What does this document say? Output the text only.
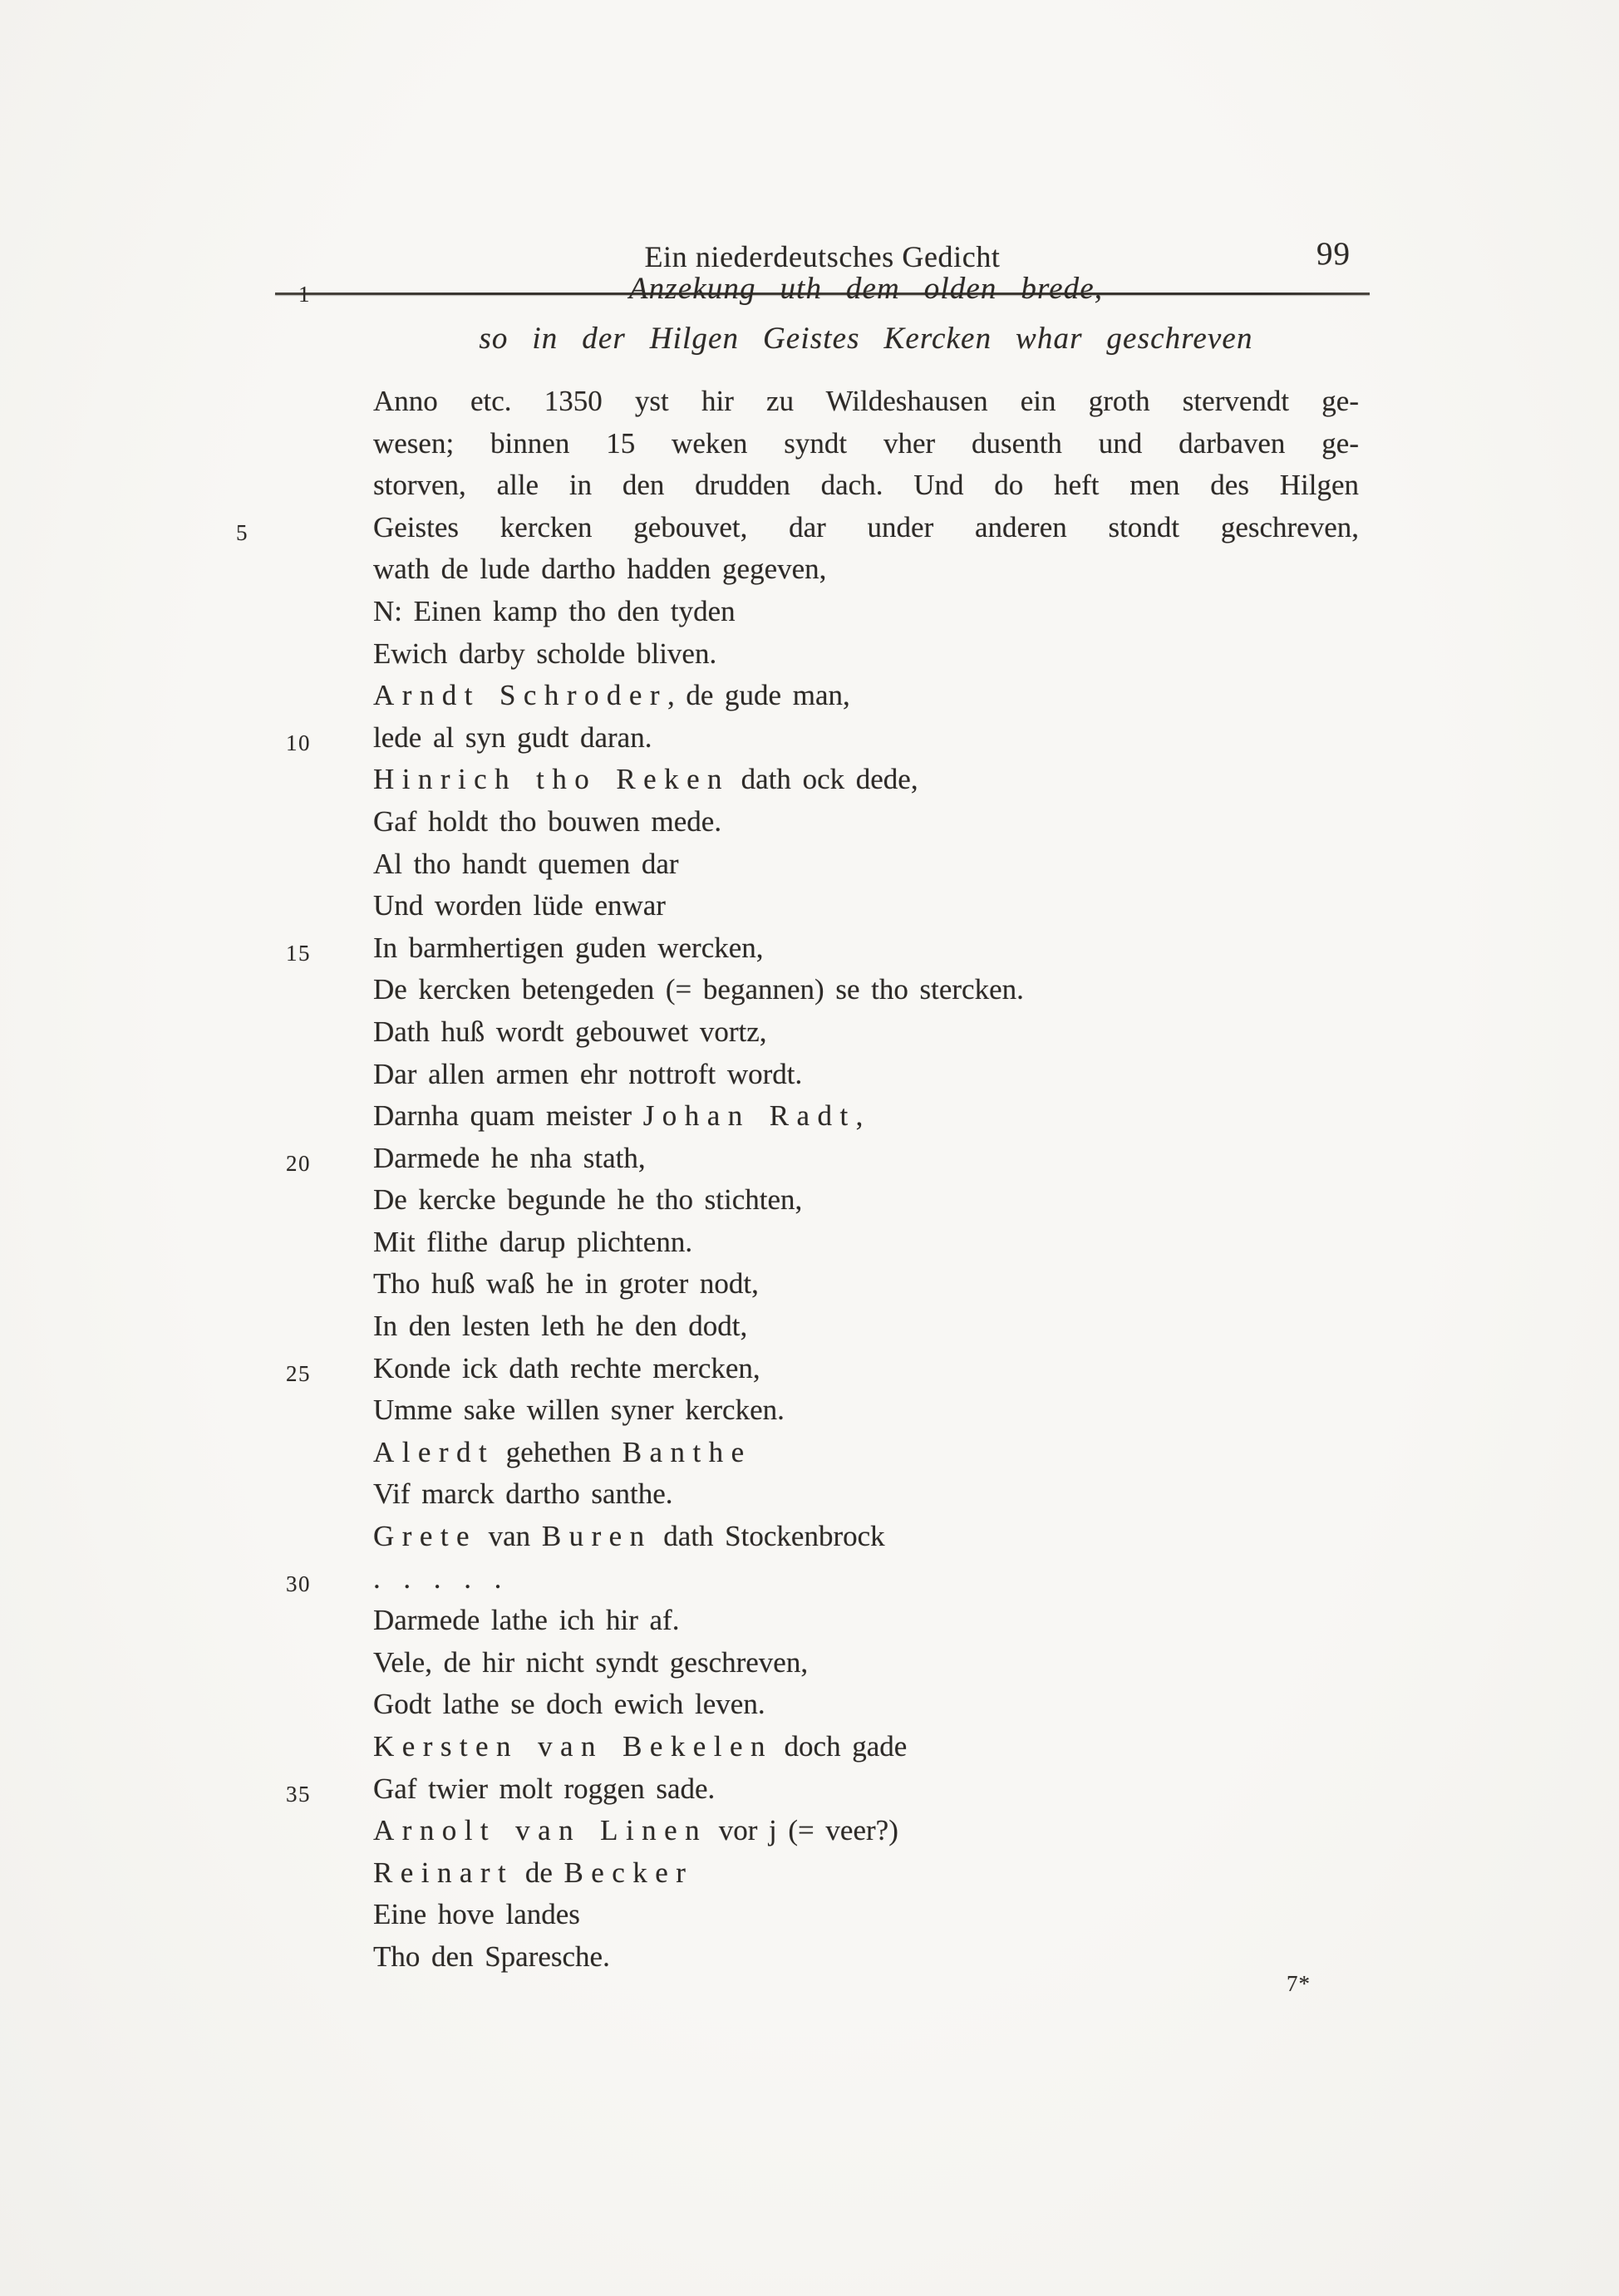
Ein niederdeutsches Gedicht	99
1	Anzekung uth dem olden brede,
so in der Hilgen Geistes Kercken whar geschreven
Anno etc. 1350 yst hir zu Wildeshausen ein groth stervendt ge-
wesen; binnen 15 weken syndt vher dusenth und darbaven ge-
storven, alle in den drudden dach. Und do heft men des Hilgen
5	Geistes kercken gebouvet, dar under anderen stondt geschreven,
wath de lude dartho hadden gegeven,
N: Einen kamp tho den tyden
Ewich darby scholde bliven.
Arndt Schroder, de gude man,
10 lede al syn gudt daran.
Hinrich tho Reken dath ock dede,
Gaf holdt tho bouwen mede.
Al tho handt quemen dar
Und worden lüde enwar
15 In barmhertigen guden wercken,
De kercken betengeden (= begannen) se tho stercken.
Dath huß wordt gebouwet vortz,
Dar allen armen ehr nottroft wordt.
Darnha quam meister Johan Radt,
20 Darmede he nha stath,
De kercke begunde he tho stichten,
Mit flithe darup plichtenn.
Tho huß waß he in groter nodt,
In den lesten leth he den dodt,
25 Konde ick dath rechte mercken,
Umme sake willen syner kercken.
Alerdt gehethen Banthe
Vif marck dartho santhe.
Grete van Buren dath Stockenbrock
30 . . . . .
Darmede lathe ich hir af.
Vele, de hir nicht syndt geschreven,
Godt lathe se doch ewich leven.
Kersten van Bekelen doch gade
35 Gaf twier molt roggen sade.
Arnolt van Linen vor j (= veer?)
Reinart de Becker
Eine hove landes
Tho den Sparesche.
7*
